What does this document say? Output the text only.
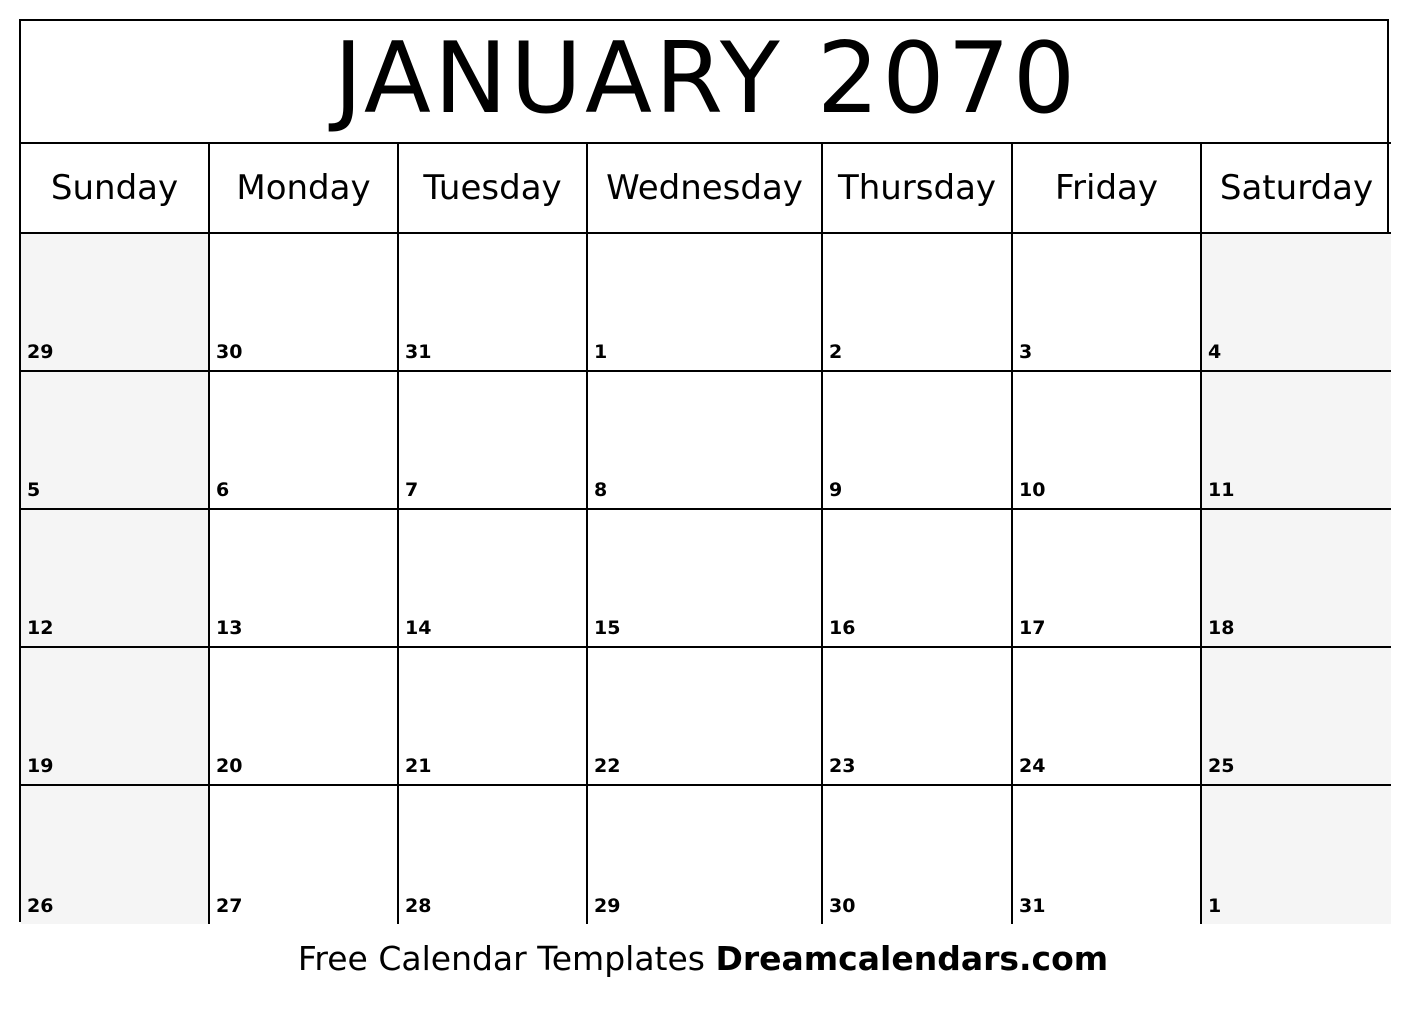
JANUARY 2070
Sunday	Monday	Tuesday	Wednesday	Thursday	Friday	Saturday
29	30	31	1	2	3	4
5	6	7	8	9	10	11
12	13	14	15	16	17	18
19	20	21	22	23	24	25
26	27	28	29	30	31	1
Free Calendar Templates Dreamcalendars.com
